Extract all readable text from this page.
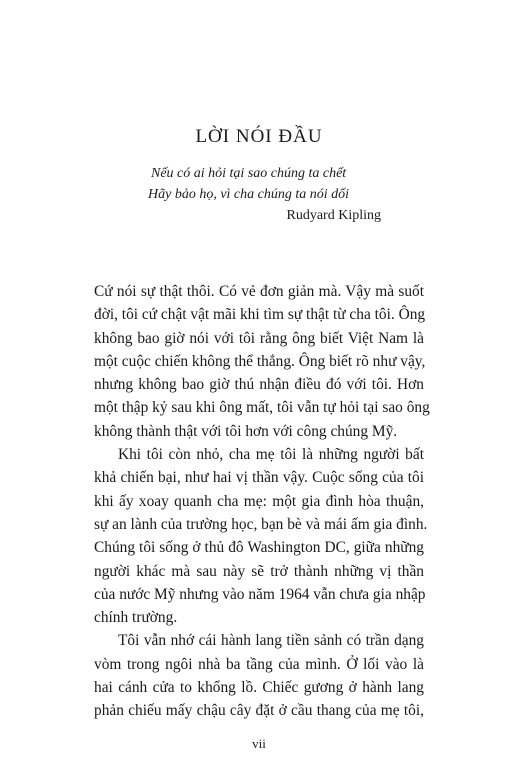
LỜI NÓI ĐẦU
Nếu có ai hỏi tại sao chúng ta chết
Hãy bảo họ, vì cha chúng ta nói dối
Rudyard Kipling
Cứ nói sự thật thôi. Có vẻ đơn giản mà. Vậy mà suốt
đời, tôi cứ chật vật mãi khi tìm sự thật từ cha tôi. Ông
không bao giờ nói với tôi rằng ông biết Việt Nam là
một cuộc chiến không thể thắng. Ông biết rõ như vậy,
nhưng không bao giờ thú nhận điều đó với tôi. Hơn
một thập kỷ sau khi ông mất, tôi vẫn tự hỏi tại sao ông
không thành thật với tôi hơn với công chúng Mỹ.
Khi tôi còn nhỏ, cha mẹ tôi là những người bất
khả chiến bại, như hai vị thần vậy. Cuộc sống của tôi
khi ấy xoay quanh cha mẹ: một gia đình hòa thuận,
sự an lành của trường học, bạn bè và mái ấm gia đình.
Chúng tôi sống ở thủ đô Washington DC, giữa những
người khác mà sau này sẽ trở thành những vị thần
của nước Mỹ nhưng vào năm 1964 vẫn chưa gia nhập
chính trường.
Tôi vẫn nhớ cái hành lang tiền sảnh có trần dạng
vòm trong ngôi nhà ba tầng của mình. Ở lối vào là
hai cánh cửa to khổng lồ. Chiếc gương ở hành lang
phản chiếu mấy chậu cây đặt ở cầu thang của mẹ tôi,
vii
